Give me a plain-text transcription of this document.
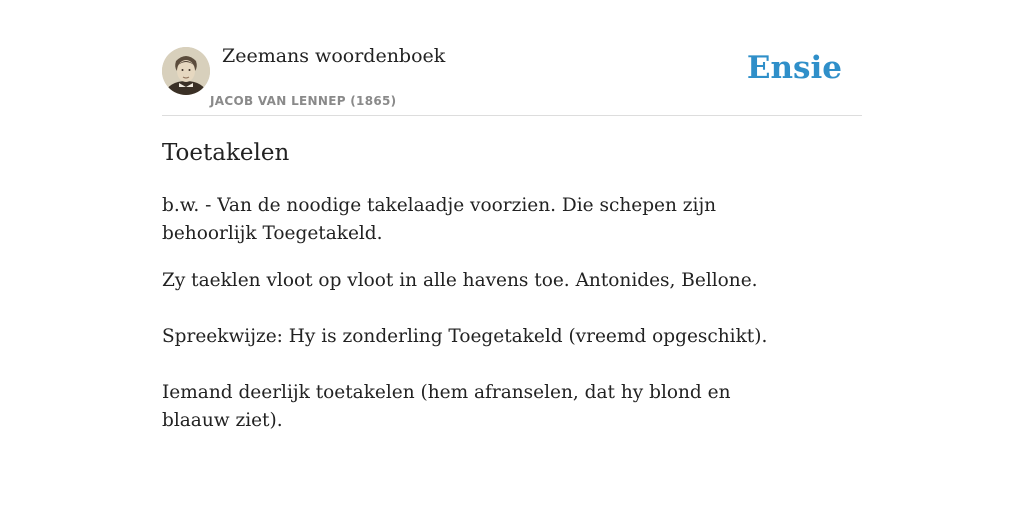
Zeemans woordenboek
JACOB VAN LENNEP (1865)
Ensie
Toetakelen

b.w. - Van de noodige takelaadje voorzien. Die schepen zijn behoorlijk Toegetakeld.

Zy taeklen vloot op vloot in alle havens toe. Antonides, Bellone.

Spreekwijze: Hy is zonderling Toegetakeld (vreemd opgeschikt).

Iemand deerlijk toetakelen (hem afranselen, dat hy blond en blaauw ziet).
